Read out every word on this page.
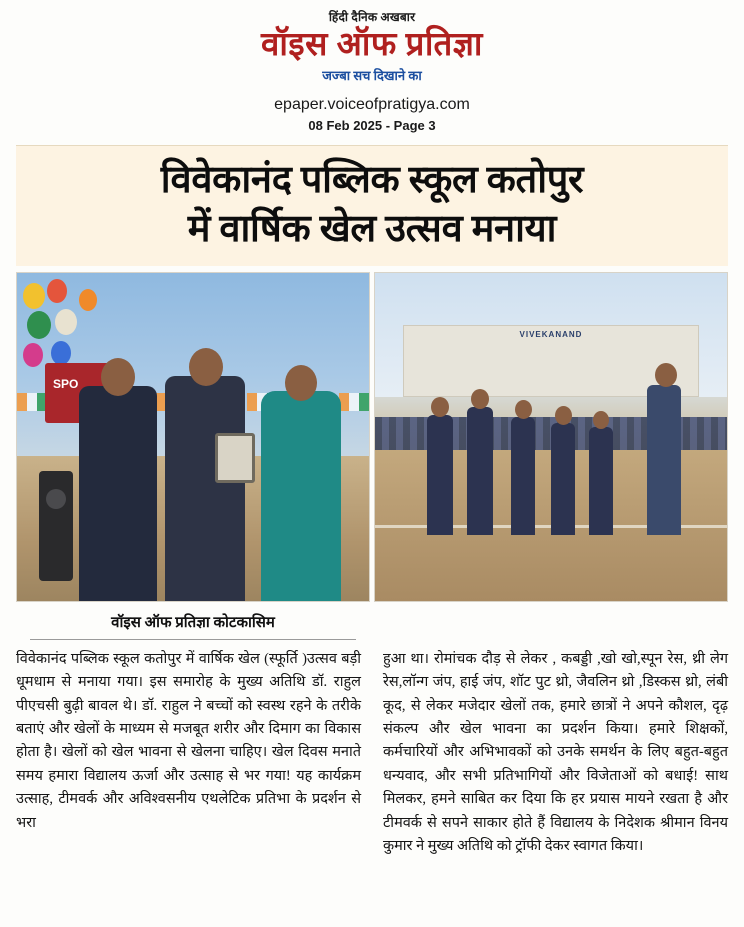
हिंदी दैनिक अखबार
वॉइस ऑफ प्रतिज्ञा
जज्बा सच दिखाने का
epaper.voiceofpratigya.com
08 Feb 2025 - Page 3
विवेकानंद पब्लिक स्कूल कतोपुर
में वार्षिक खेल उत्सव मनाया
SPO
VIVEKANAND
वॉइस ऑफ प्रतिज्ञा कोटकासिम

विवेकानंद पब्लिक स्कूल कतोपुर में वार्षिक खेल (स्फूर्ति )उत्सव बड़ी धूमधाम से मनाया गया। इस समारोह के मुख्य अतिथि डॉ. राहुल पीएचसी बुढ़ी बावल थे। डॉ. राहुल ने बच्चों को स्वस्थ रहने के तरीके बताएं और खेलों के माध्यम से मजबूत शरीर और दिमाग का विकास होता है। खेलों को खेल भावना से खेलना चाहिए। खेल दिवस मनाते समय हमारा विद्यालय ऊर्जा और उत्साह से भर गया! यह कार्यक्रम उत्साह, टीमवर्क और अविश्वसनीय एथलेटिक प्रतिभा के प्रदर्शन से भरा

हुआ था। रोमांचक दौड़ से लेकर , कबड्डी ,खो खो,स्पून रेस, थ्री लेग रेस,लॉन्ग जंप, हाई जंप, शॉट पुट थ्रो, जैवलिन थ्रो ,डिस्कस थ्रो, लंबी कूद, से लेकर मजेदार खेलों तक, हमारे छात्रों ने अपने कौशल, दृढ़ संकल्प और खेल भावना का प्रदर्शन किया। हमारे शिक्षकों, कर्मचारियों और अभिभावकों को उनके समर्थन के लिए बहुत-बहुत धन्यवाद, और सभी प्रतिभागियों और विजेताओं को बधाई! साथ मिलकर, हमने साबित कर दिया कि हर प्रयास मायने रखता है और टीमवर्क से सपने साकार होते हैं विद्यालय के निदेशक श्रीमान विनय कुमार ने मुख्य अतिथि को ट्रॉफी देकर स्वागत किया।
